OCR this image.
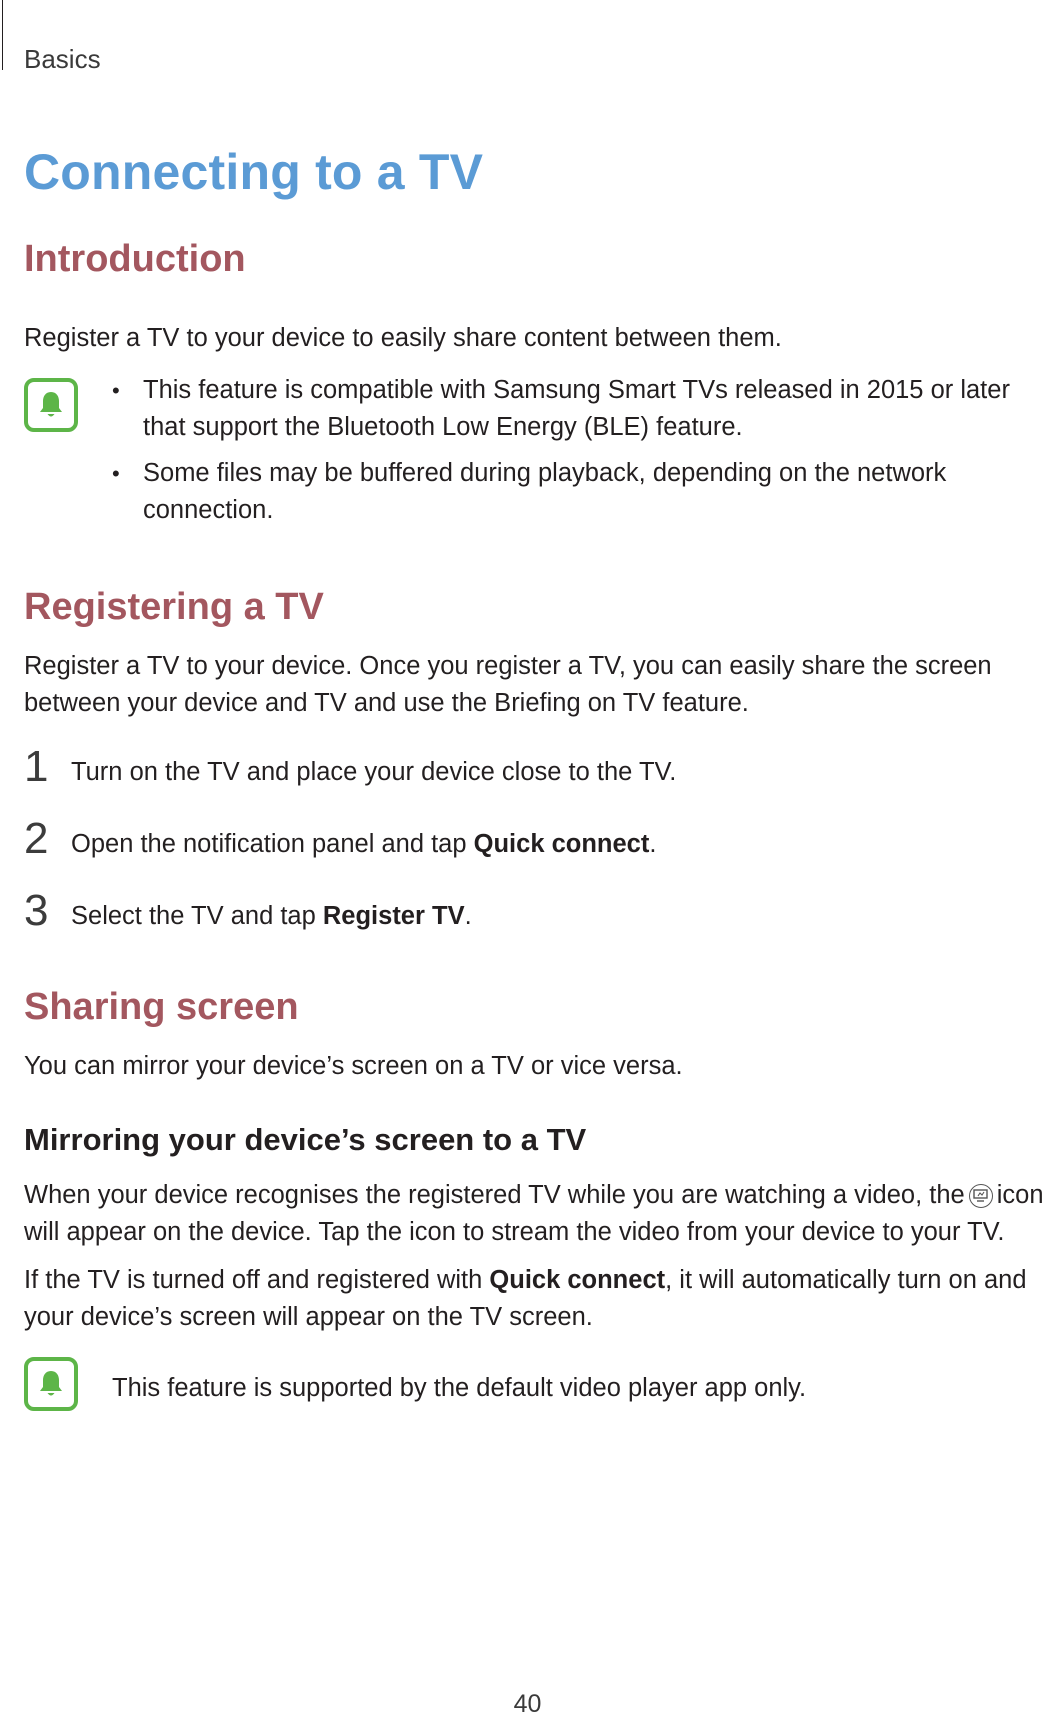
Basics
Connecting to a TV
Introduction

Register a TV to your device to easily share content between them.

• This feature is compatible with Samsung Smart TVs released in 2015 or later that support the Bluetooth Low Energy (BLE) feature.
• Some files may be buffered during playback, depending on the network connection.
Registering a TV

Register a TV to your device. Once you register a TV, you can easily share the screen between your device and TV and use the Briefing on TV feature.

1 Turn on the TV and place your device close to the TV.
2 Open the notification panel and tap Quick connect.
3 Select the TV and tap Register TV.
Sharing screen

You can mirror your device’s screen on a TV or vice versa.

Mirroring your device’s screen to a TV

When your device recognises the registered TV while you are watching a video, the icon will appear on the device. Tap the icon to stream the video from your device to your TV.

If the TV is turned off and registered with Quick connect, it will automatically turn on and your device’s screen will appear on the TV screen.

This feature is supported by the default video player app only.

40
